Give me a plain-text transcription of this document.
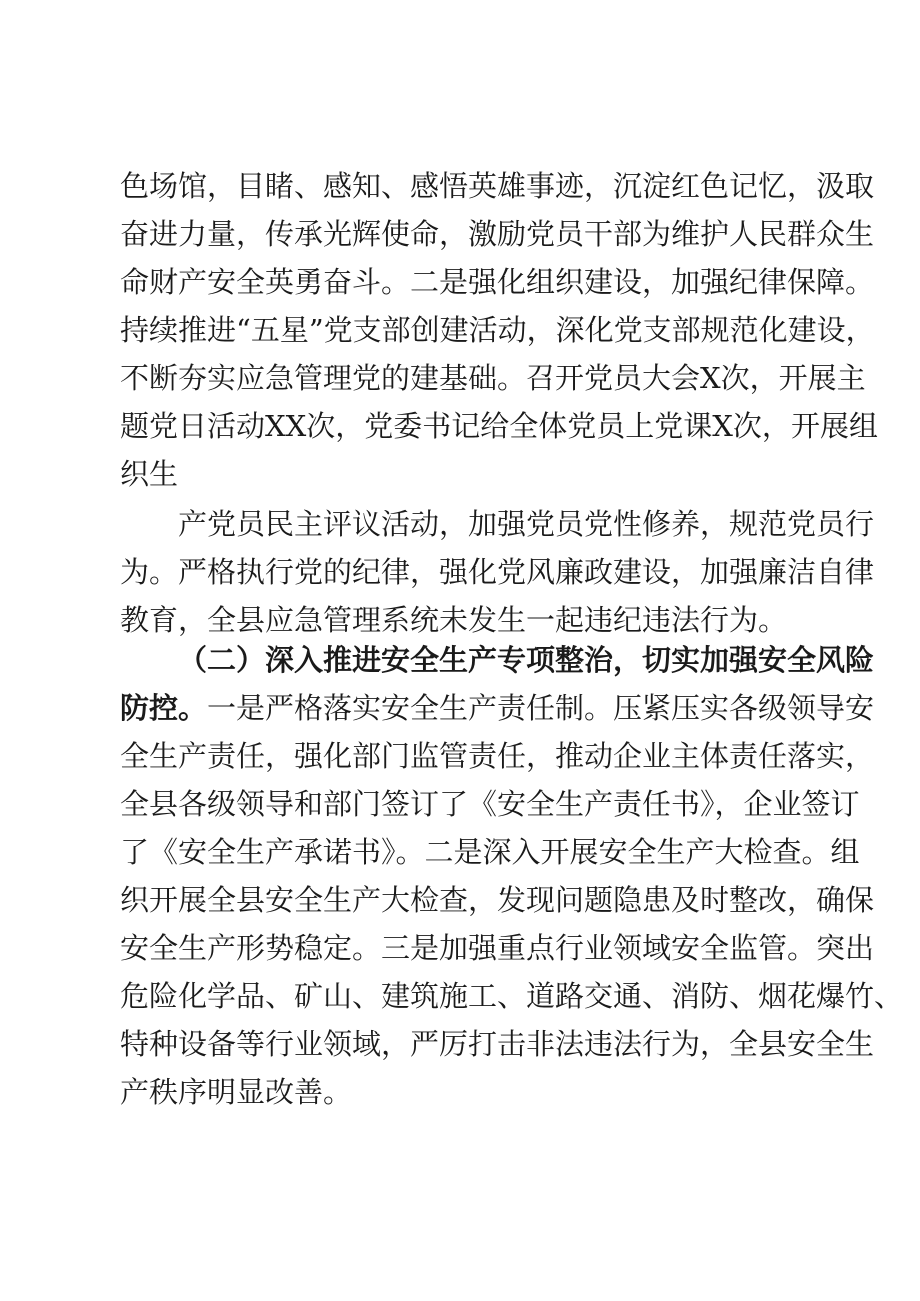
色场馆，目睹、感知、感悟英雄事迹，沉淀红色记忆，汲取
奋进力量，传承光辉使命，激励党员干部为维护人民群众生
命财产安全英勇奋斗。二是强化组织建设，加强纪律保障。
持续推进“五星”党支部创建活动，深化党支部规范化建设，
不断夯实应急管理党的建基础。召开党员大会X次，开展主
题党日活动XX次，党委书记给全体党员上党课X次，开展组
织生
产党员民主评议活动，加强党员党性修养，规范党员行
为。严格执行党的纪律，强化党风廉政建设，加强廉洁自律
教育，全县应急管理系统未发生一起违纪违法行为。
（二）深入推进安全生产专项整治，切实加强安全风险
防控。一是严格落实安全生产责任制。压紧压实各级领导安
全生产责任，强化部门监管责任，推动企业主体责任落实，
全县各级领导和部门签订了《安全生产责任书》，企业签订
了《安全生产承诺书》。二是深入开展安全生产大检查。组
织开展全县安全生产大检查，发现问题隐患及时整改，确保
安全生产形势稳定。三是加强重点行业领域安全监管。突出
危险化学品、矿山、建筑施工、道路交通、消防、烟花爆竹、
特种设备等行业领域，严厉打击非法违法行为，全县安全生
产秩序明显改善。
